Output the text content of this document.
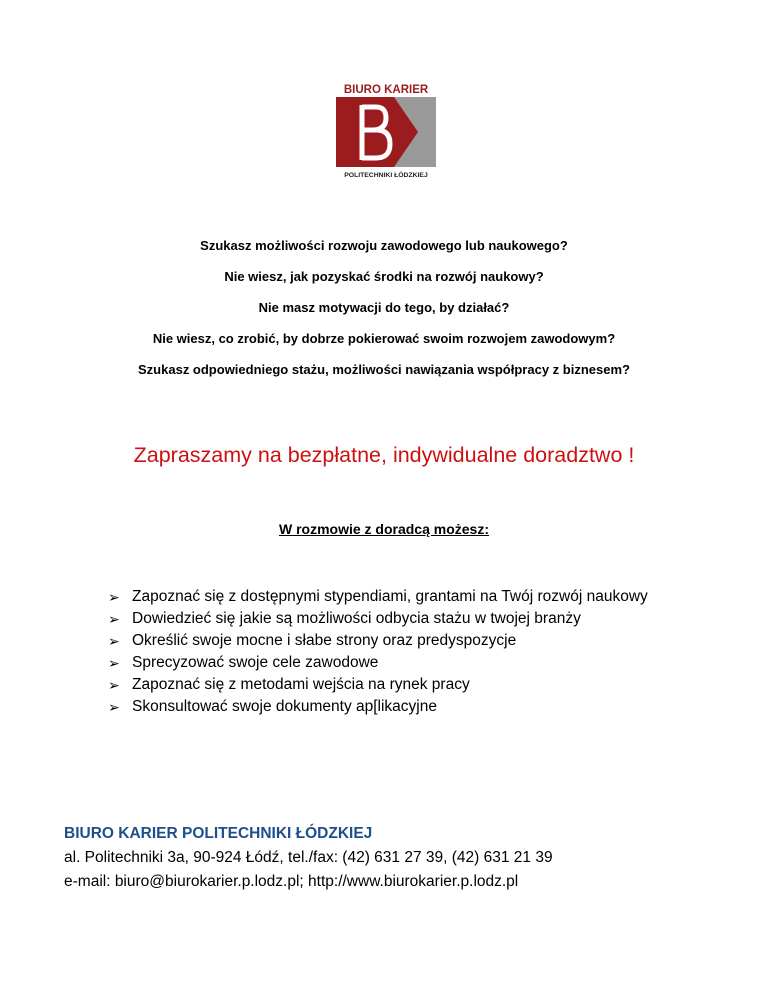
BIURO KARIER
POLITECHNIKI ŁÓDZKIEJ
Szukasz możliwości rozwoju zawodowego lub naukowego?
Nie wiesz, jak pozyskać środki na rozwój naukowy?
Nie masz motywacji do tego, by działać?
Nie wiesz, co zrobić, by dobrze pokierować swoim rozwojem zawodowym?
Szukasz odpowiedniego stażu, możliwości nawiązania współpracy z biznesem?
Zapraszamy na bezpłatne, indywidualne doradztwo !
W rozmowie z doradcą możesz:
➢ Zapoznać się z dostępnymi stypendiami, grantami na Twój rozwój naukowy
➢ Dowiedzieć się jakie są możliwości odbycia stażu w twojej branży
➢ Określić swoje mocne i słabe strony oraz predyspozycje
➢ Sprecyzować swoje cele zawodowe
➢ Zapoznać się z metodami wejścia na rynek pracy
➢ Skonsultować swoje dokumenty ap[likacyjne
BIURO KARIER POLITECHNIKI ŁÓDZKIEJ
al. Politechniki 3a, 90-924 Łódź, tel./fax: (42) 631 27 39, (42) 631 21 39
e-mail: biuro@biurokarier.p.lodz.pl; http://www.biurokarier.p.lodz.pl
